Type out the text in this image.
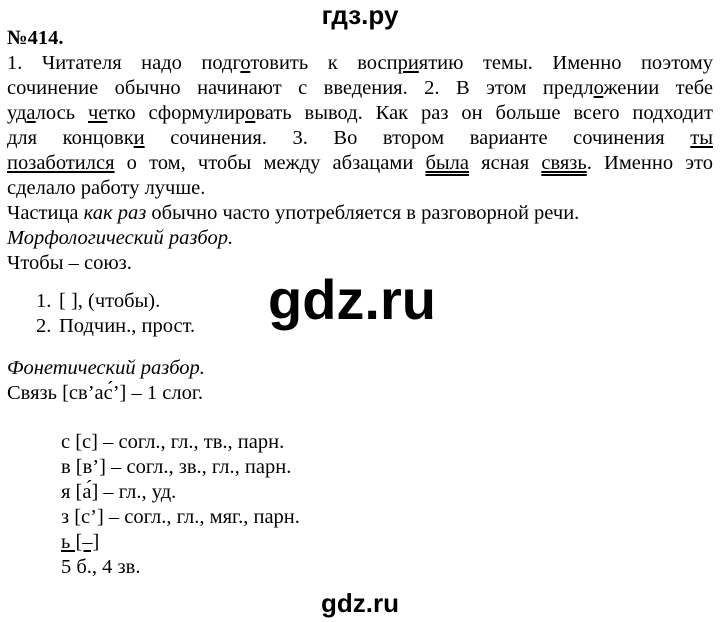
гдз.ру
№414.
1. Читателя надо подготовить к восприятию темы. Именно поэтому
сочинение обычно начинают с введения. 2. В этом предложении тебе
удалось четко сформулировать вывод. Как раз он больше всего подходит
для концовки сочинения. 3. Во втором варианте сочинения ты
позаботился о том, чтобы между абзацами была ясная связь. Именно это
сделало работу лучше.
Частица как раз обычно часто употребляется в разговорной речи.
Морфологический разбор.
Чтобы – союз.
1. [ ], (чтобы).
2. Подчин., прост.
Фонетический разбор.
Связь [св’ас́’] – 1 слог.
с [с] – согл., гл., тв., парн.
в [в’] – согл., зв., гл., парн.
я [а́] – гл., уд.
з [с’] – согл., гл., мяг., парн.
ь [–]
5 б., 4 зв.
gdz.ru
gdz.ru
